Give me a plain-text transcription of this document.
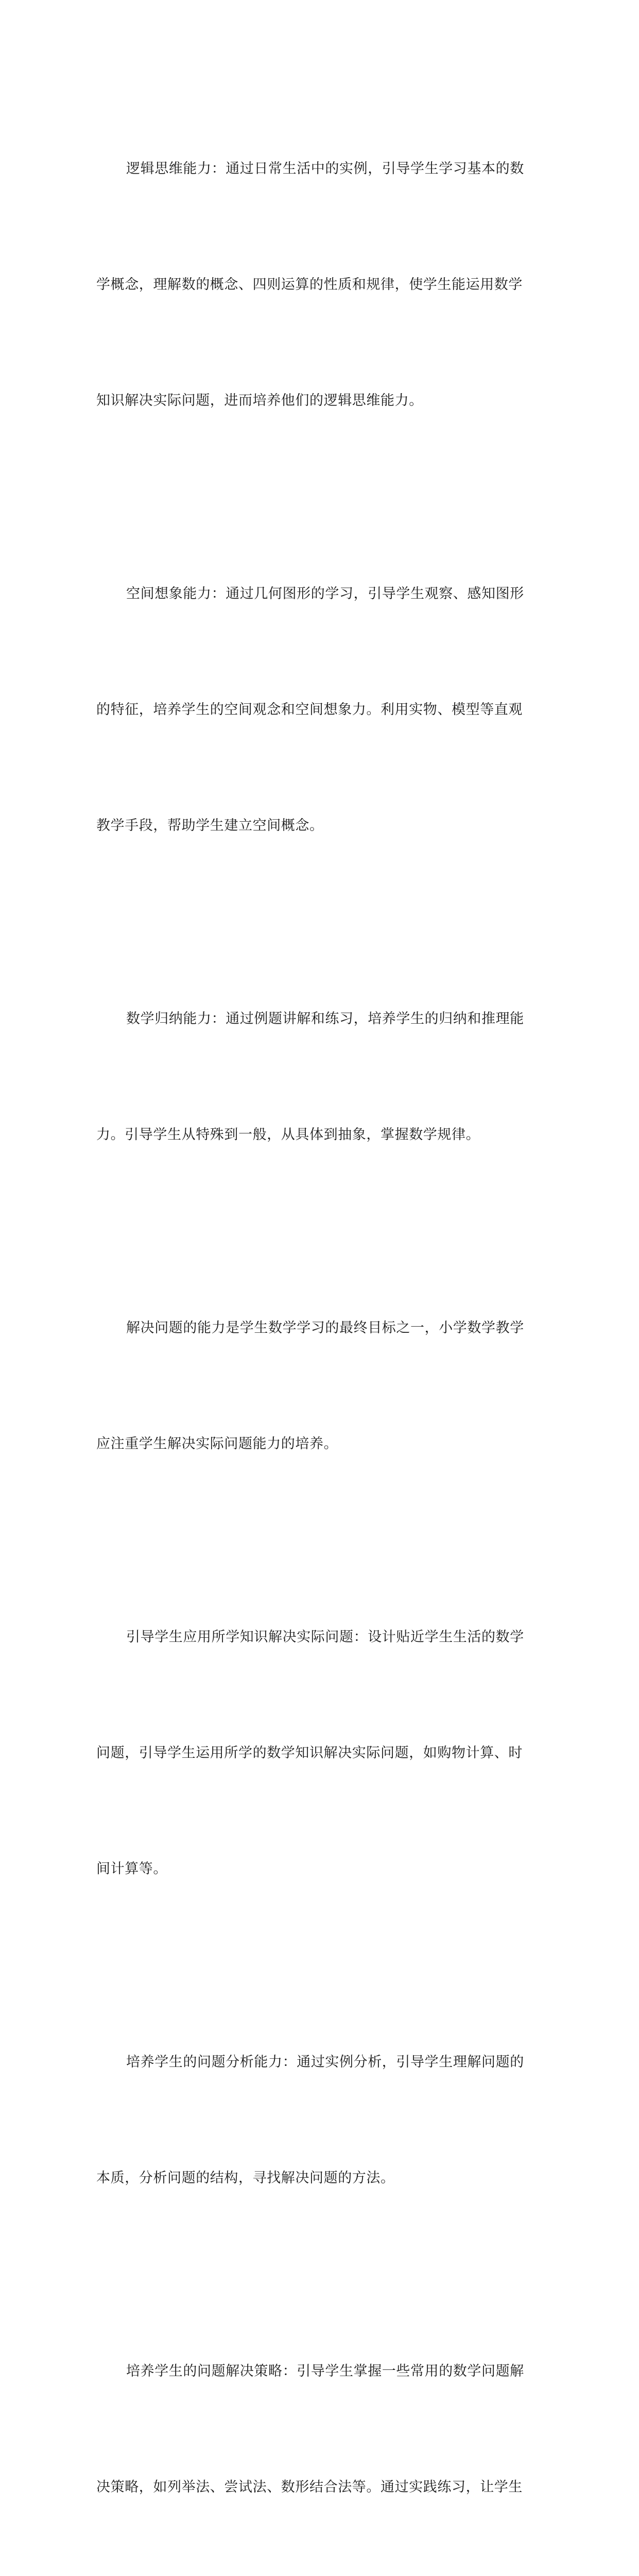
逻辑思维能力：通过日常生活中的实例，引导学生学习基本的数

学概念，理解数的概念、四则运算的性质和规律，使学生能运用数学

知识解决实际问题，进而培养他们的逻辑思维能力。

空间想象能力：通过几何图形的学习，引导学生观察、感知图形

的特征，培养学生的空间观念和空间想象力。利用实物、模型等直观

教学手段，帮助学生建立空间概念。

数学归纳能力：通过例题讲解和练习，培养学生的归纳和推理能

力。引导学生从特殊到一般，从具体到抽象，掌握数学规律。

解决问题的能力是学生数学学习的最终目标之一，小学数学教学

应注重学生解决实际问题能力的培养。

引导学生应用所学知识解决实际问题：设计贴近学生生活的数学

问题，引导学生运用所学的数学知识解决实际问题，如购物计算、时

间计算等。

培养学生的问题分析能力：通过实例分析，引导学生理解问题的

本质，分析问题的结构，寻找解决问题的方法。

培养学生的问题解决策略：引导学生掌握一些常用的数学问题解

决策略，如列举法、尝试法、数形结合法等。通过实践练习，让学生
